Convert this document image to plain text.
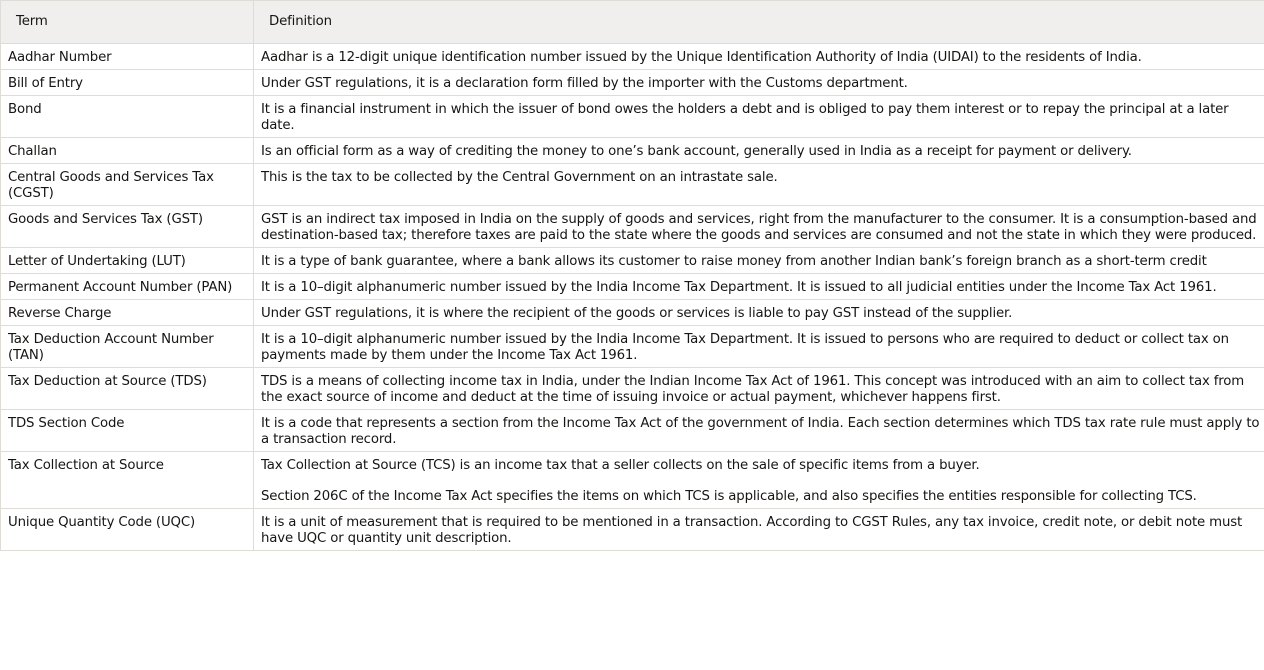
Term	Definition
Aadhar Number	Aadhar is a 12-digit unique identification number issued by the Unique Identification Authority of India (UIDAI) to the residents of India.

Bill of Entry	Under GST regulations, it is a declaration form filled by the importer with the Customs department.

Bond	It is a financial instrument in which the issuer of bond owes the holders a debt and is obliged to pay them interest or to repay the principal at a later date.

Challan	Is an official form as a way of crediting the money to one’s bank account, generally used in India as a receipt for payment or delivery.

Central Goods and Services Tax (CGST)	This is the tax to be collected by the Central Government on an intrastate sale.

Goods and Services Tax (GST)	GST is an indirect tax imposed in India on the supply of goods and services, right from the manufacturer to the consumer. It is a consumption-based and destination-based tax; therefore taxes are paid to the state where the goods and services are consumed and not the state in which they were produced.

Letter of Undertaking (LUT)	It is a type of bank guarantee, where a bank allows its customer to raise money from another Indian bank’s foreign branch as a short-term credit

Permanent Account Number (PAN)	It is a 10–digit alphanumeric number issued by the India Income Tax Department. It is issued to all judicial entities under the Income Tax Act 1961.

Reverse Charge	Under GST regulations, it is where the recipient of the goods or services is liable to pay GST instead of the supplier.

Tax Deduction Account Number (TAN)	It is a 10–digit alphanumeric number issued by the India Income Tax Department. It is issued to persons who are required to deduct or collect tax on payments made by them under the Income Tax Act 1961.

Tax Deduction at Source (TDS)	TDS is a means of collecting income tax in India, under the Indian Income Tax Act of 1961. This concept was introduced with an aim to collect tax from the exact source of income and deduct at the time of issuing invoice or actual payment, whichever happens first.

TDS Section Code	It is a code that represents a section from the Income Tax Act of the government of India. Each section determines which TDS tax rate rule must apply to a transaction record.

Tax Collection at Source	Tax Collection at Source (TCS) is an income tax that a seller collects on the sale of specific items from a buyer.

Section 206C of the Income Tax Act specifies the items on which TCS is applicable, and also specifies the entities responsible for collecting TCS.

Unique Quantity Code (UQC)	It is a unit of measurement that is required to be mentioned in a transaction. According to CGST Rules, any tax invoice, credit note, or debit note must have UQC or quantity unit description.
